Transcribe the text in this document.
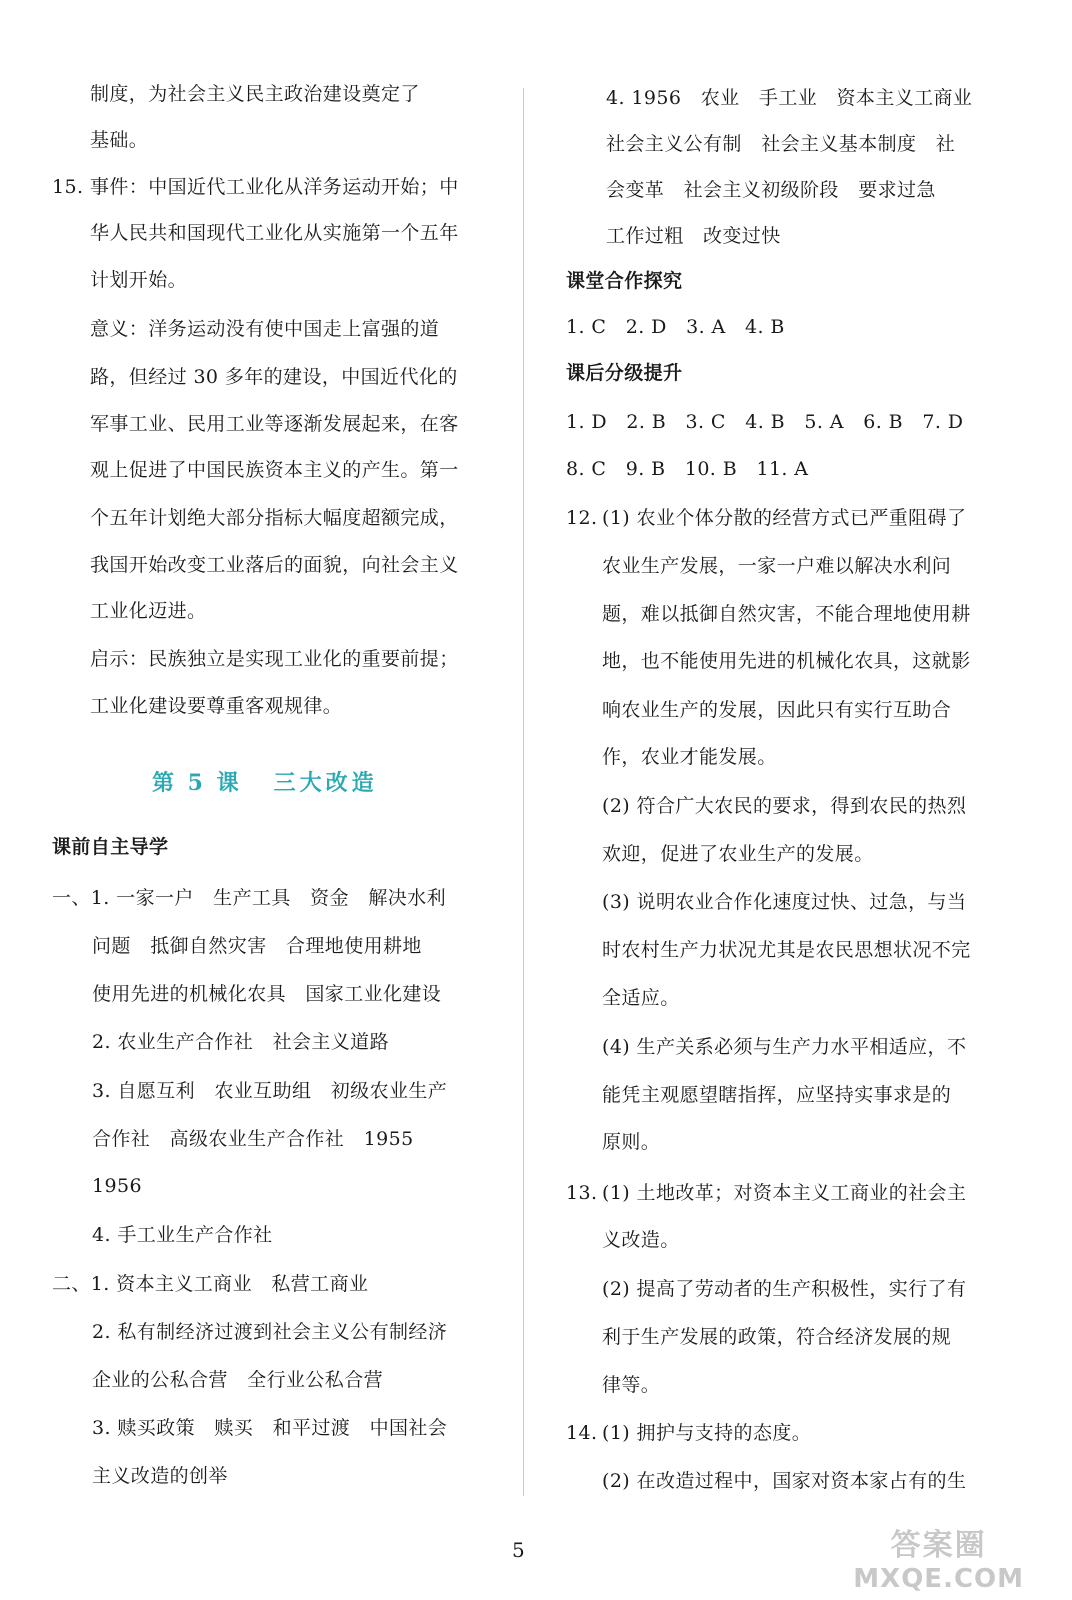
制度，为社会主义民主政治建设奠定了
基础。
15. 事件：中国近代工业化从洋务运动开始；中
华人民共和国现代工业化从实施第一个五年
计划开始。
意义：洋务运动没有使中国走上富强的道
路，但经过 30 多年的建设，中国近代化的
军事工业、民用工业等逐渐发展起来，在客
观上促进了中国民族资本主义的产生。第一
个五年计划绝大部分指标大幅度超额完成，
我国开始改变工业落后的面貌，向社会主义
工业化迈进。
启示：民族独立是实现工业化的重要前提；
工业化建设要尊重客观规律。
第 5 课 三大改造
课前自主导学
一、1. 一家一户　生产工具　资金　解决水利
问题　抵御自然灾害　合理地使用耕地
使用先进的机械化农具　国家工业化建设
2. 农业生产合作社　社会主义道路
3. 自愿互利　农业互助组　初级农业生产
合作社　高级农业生产合作社　1955
1956
4. 手工业生产合作社
二、1. 资本主义工商业　私营工商业
2. 私有制经济过渡到社会主义公有制经济
企业的公私合营　全行业公私合营
3. 赎买政策　赎买　和平过渡　中国社会
主义改造的创举
4. 1956　农业　手工业　资本主义工商业
社会主义公有制　社会主义基本制度　社
会变革　社会主义初级阶段　要求过急
工作过粗　改变过快
课堂合作探究
1. C　2. D　3. A　4. B
课后分级提升
1. D　2. B　3. C　4. B　5. A　6. B　7. D
8. C　9. B　10. B　11. A
12. (1) 农业个体分散的经营方式已严重阻碍了
农业生产发展，一家一户难以解决水利问
题，难以抵御自然灾害，不能合理地使用耕
地，也不能使用先进的机械化农具，这就影
响农业生产的发展，因此只有实行互助合
作，农业才能发展。
(2) 符合广大农民的要求，得到农民的热烈
欢迎，促进了农业生产的发展。
(3) 说明农业合作化速度过快、过急，与当
时农村生产力状况尤其是农民思想状况不完
全适应。
(4) 生产关系必须与生产力水平相适应，不
能凭主观愿望瞎指挥，应坚持实事求是的
原则。
13. (1) 土地改革；对资本主义工商业的社会主
义改造。
(2) 提高了劳动者的生产积极性，实行了有
利于生产发展的政策，符合经济发展的规
律等。
14. (1) 拥护与支持的态度。
(2) 在改造过程中，国家对资本家占有的生
5	答案圈
MXQE.COM
